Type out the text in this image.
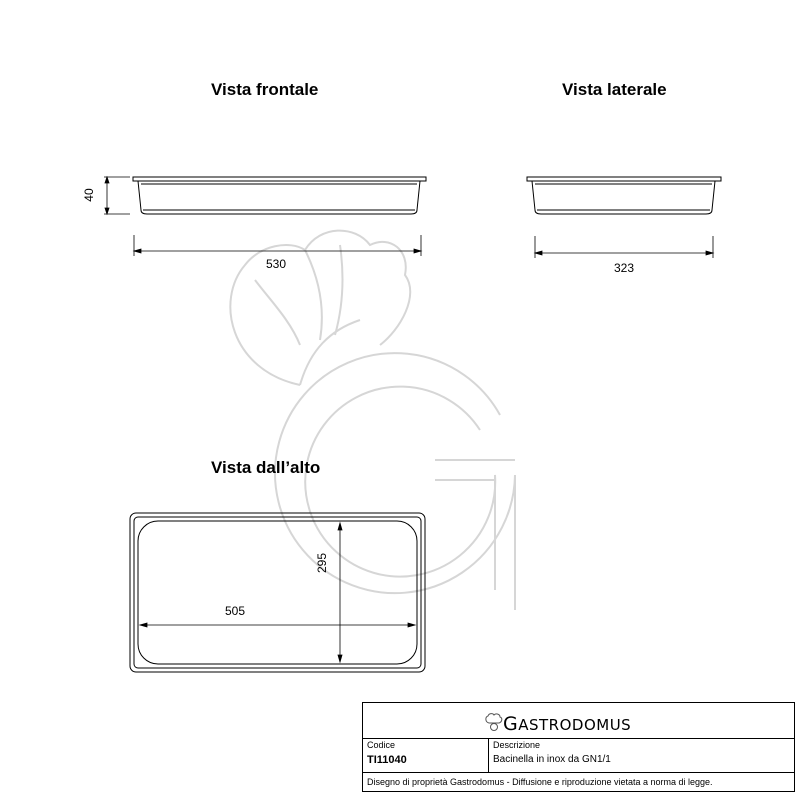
Vista frontale	Vista laterale
Vista dall’alto
40
530	323
505
295
GASTRODOMUS
Codice
TI11040
Descrizione
Bacinella in inox da GN1/1
Disegno di proprietà Gastrodomus - Diffusione e riproduzione vietata a norma di legge.
